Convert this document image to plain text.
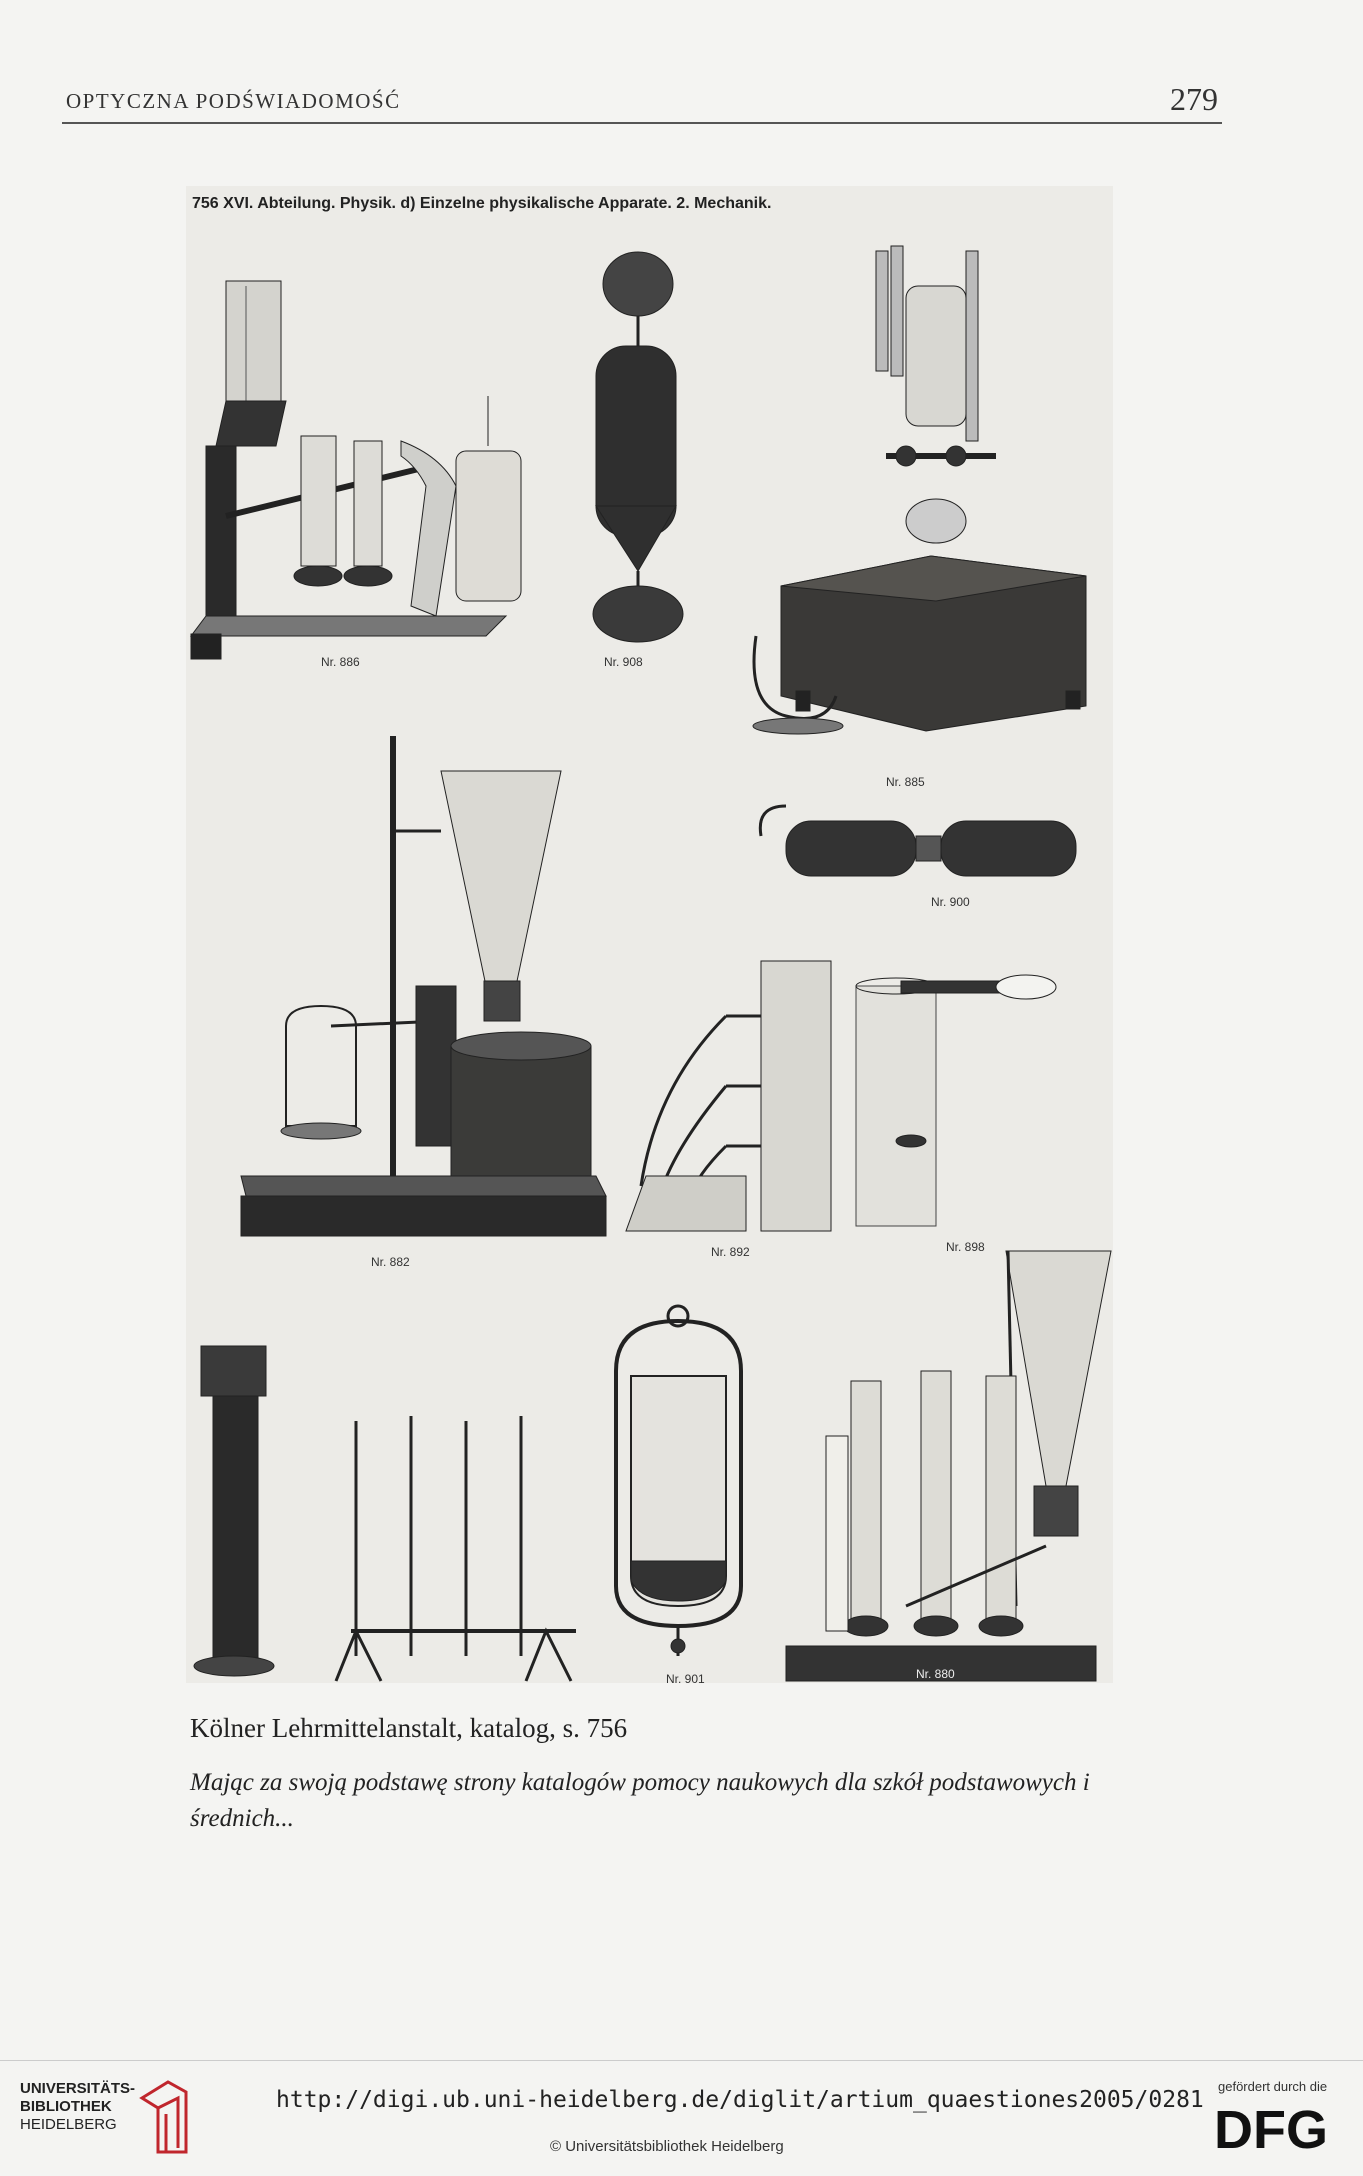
OPTYCZNA PODŚWIADOMOŚĆ	279
756 XVI. Abteilung. Physik. d) Einzelne physikalische Apparate. 2. Mechanik.
Nr. 886	Nr. 908
Nr. 885
Nr. 900
Nr. 882
Nr. 892	Nr. 898
Nr. 901	Nr. 880
Kölner Lehrmittelanstalt, katalog, s. 756
Mając za swoją podstawę strony katalogów pomocy naukowych dla szkół podstawowych i średnich...
UNIVERSITÄTS-
BIBLIOTHEK
HEIDELBERG
http://digi.ub.uni-heidelberg.de/diglit/artium_quaestiones2005/0281
© Universitätsbibliothek Heidelberg
gefördert durch die
DFG
